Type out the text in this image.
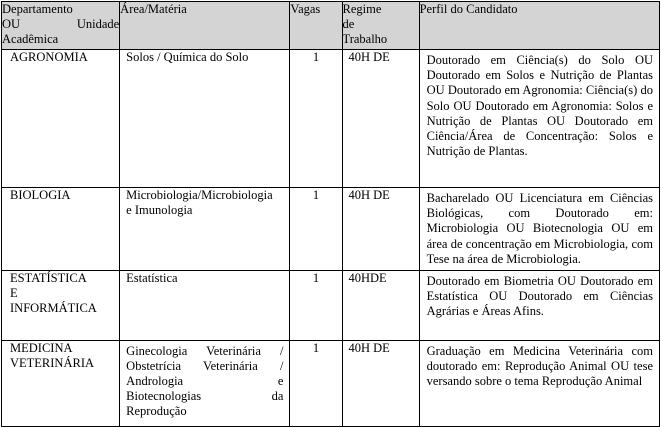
Departamento
OU Unidade
Acadêmica	Área/Matéria	Vagas	Regime
de
Trabalho	Perfil do Candidato

AGRONOMIA	Solos / Química do Solo	1	40H DE	Doutorado em Ciência(s) do Solo OU Doutorado em Solos e Nutrição de Plantas OU Doutorado em Agronomia: Ciência(s) do Solo OU Doutorado em Agronomia: Solos e Nutrição de Plantas OU Doutorado em Ciência/Área de Concentração: Solos e Nutrição de Plantas.

BIOLOGIA	Microbiologia/Microbiologia
e Imunologia	1	40H DE	Bacharelado OU Licenciatura em Ciências Biológicas, com Doutorado em: Microbiologia OU Biotecnologia OU em área de concentração em Microbiologia, com Tese na área de Microbiologia.

ESTATÍSTICA
E
INFORMÁTICA	Estatística	1	40HDE	Doutorado em Biometria OU Doutorado em Estatística OU Doutorado em Ciências Agrárias e Áreas Afins.

MEDICINA
VETERINÁRIA	Ginecologia Veterinária /
Obstetrícia Veterinária /
Andrologia e
Biotecnologias da
Reprodução	1	40H DE	Graduação em Medicina Veterinária com doutorado em: Reprodução Animal OU tese versando sobre o tema Reprodução Animal
